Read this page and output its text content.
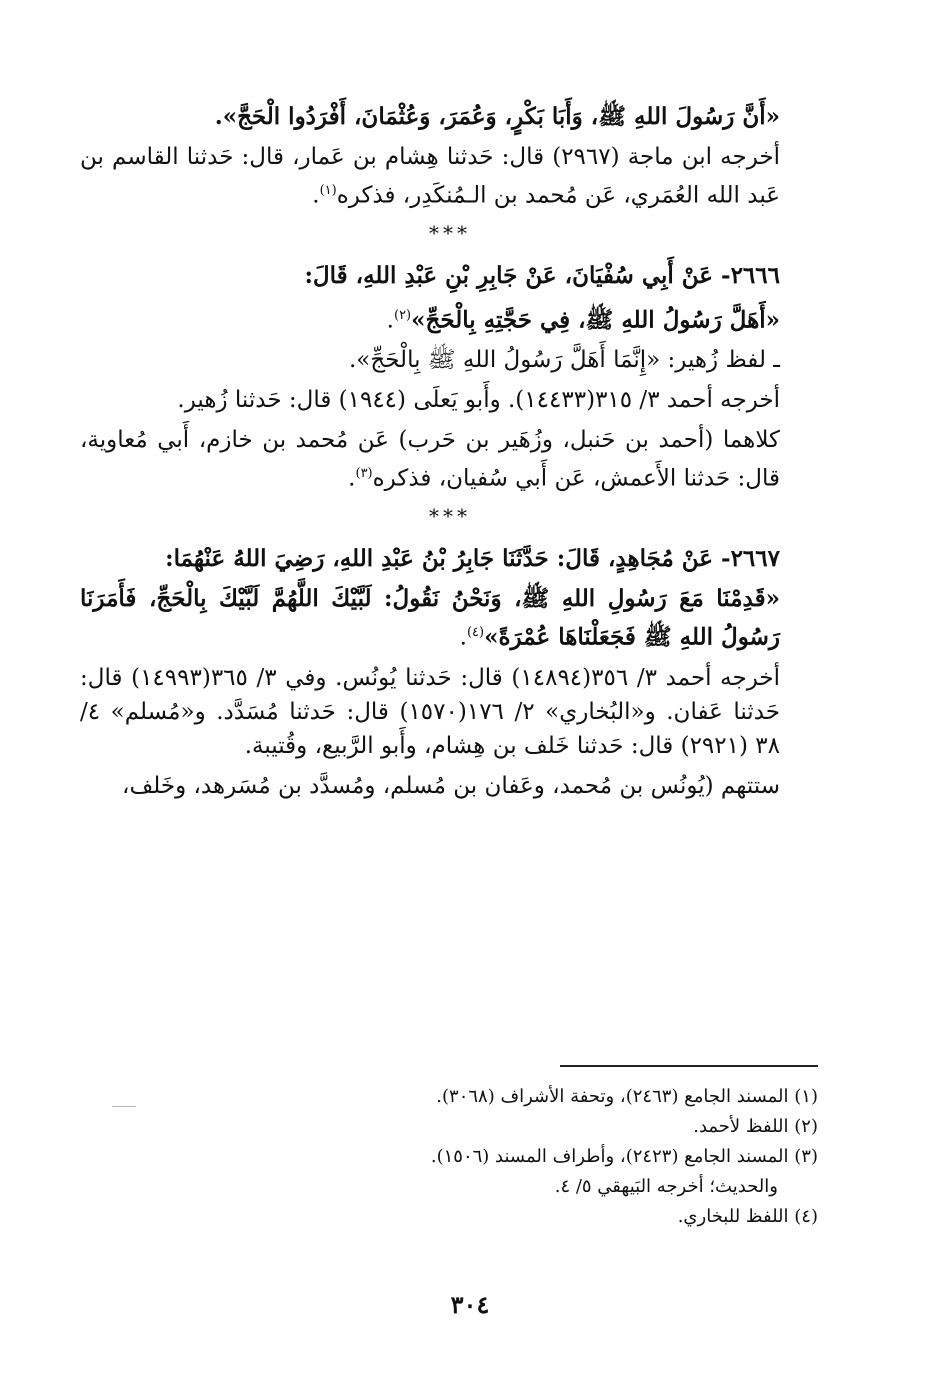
«أَنَّ رَسُولَ اللهِ ﷺ، وَأَبَا بَكْرٍ، وَعُمَرَ، وَعُثْمَانَ، أَفْرَدُوا الْحَجَّ».

أخرجه ابن ماجة (٢٩٦٧) قال: حَدثنا هِشام بن عَمار، قال: حَدثنا القاسم بن عَبد الله العُمَري، عَن مُحمد بن الـمُنكَدِر، فذكره$^{(١)}$.

***

٢٦٦٦- عَنْ أَبِي سُفْيَانَ، عَنْ جَابِرِ بْنِ عَبْدِ اللهِ، قَالَ:

«أَهَلَّ رَسُولُ اللهِ ﷺ، فِي حَجَّتِهِ بِالْحَجِّ»$^{(٢)}$.

ـ لفظ زُهير: «إِنَّمَا أَهَلَّ رَسُولُ اللهِ ﷺ بِالْحَجِّ».

أخرجه أحمد ٣/ ٣١٥(١٤٤٣٣). وأَبو يَعلَى (١٩٤٤) قال: حَدثنا زُهير.

كلاهما (أحمد بن حَنبل، وزُهَير بن حَرب) عَن مُحمد بن خازم، أَبي مُعاوية، قال: حَدثنا الأَعمش، عَن أَبي سُفيان، فذكره$^{(٣)}$.

***

٢٦٦٧- عَنْ مُجَاهِدٍ، قَالَ: حَدَّثَنَا جَابِرُ بْنُ عَبْدِ اللهِ، رَضِيَ اللهُ عَنْهُمَا:

«قَدِمْنَا مَعَ رَسُولِ اللهِ ﷺ، وَنَحْنُ نَقُولُ: لَبَّيْكَ اللَّهُمَّ لَبَّيْكَ بِالْحَجِّ، فَأَمَرَنَا رَسُولُ اللهِ ﷺ فَجَعَلْنَاهَا عُمْرَةً»$^{(٤)}$.

أخرجه أحمد ٣/ ٣٥٦(١٤٨٩٤) قال: حَدثنا يُونُس. وفي ٣/ ٣٦٥(١٤٩٩٣) قال: حَدثنا عَفان. و«البُخاري» ٢/ ١٧٦(١٥٧٠) قال: حَدثنا مُسَدَّد. و«مُسلم» ٤/ ٣٨ (٢٩٢١) قال: حَدثنا خَلف بن هِشام، وأَبو الرَّبيع، وقُتيبة.

ستتهم (يُونُس بن مُحمد، وعَفان بن مُسلم، ومُسدَّد بن مُسَرهد، وخَلف،

(١) المسند الجامع (٢٤٦٣)، وتحفة الأشراف (٣٠٦٨).
(٢) اللفظ لأحمد.
(٣) المسند الجامع (٢٤٢٣)، وأطراف المسند (١٥٠٦).
والحديث؛ أخرجه البَيهقي ٥/ ٤.
(٤) اللفظ للبخاري.
٣٠٤
